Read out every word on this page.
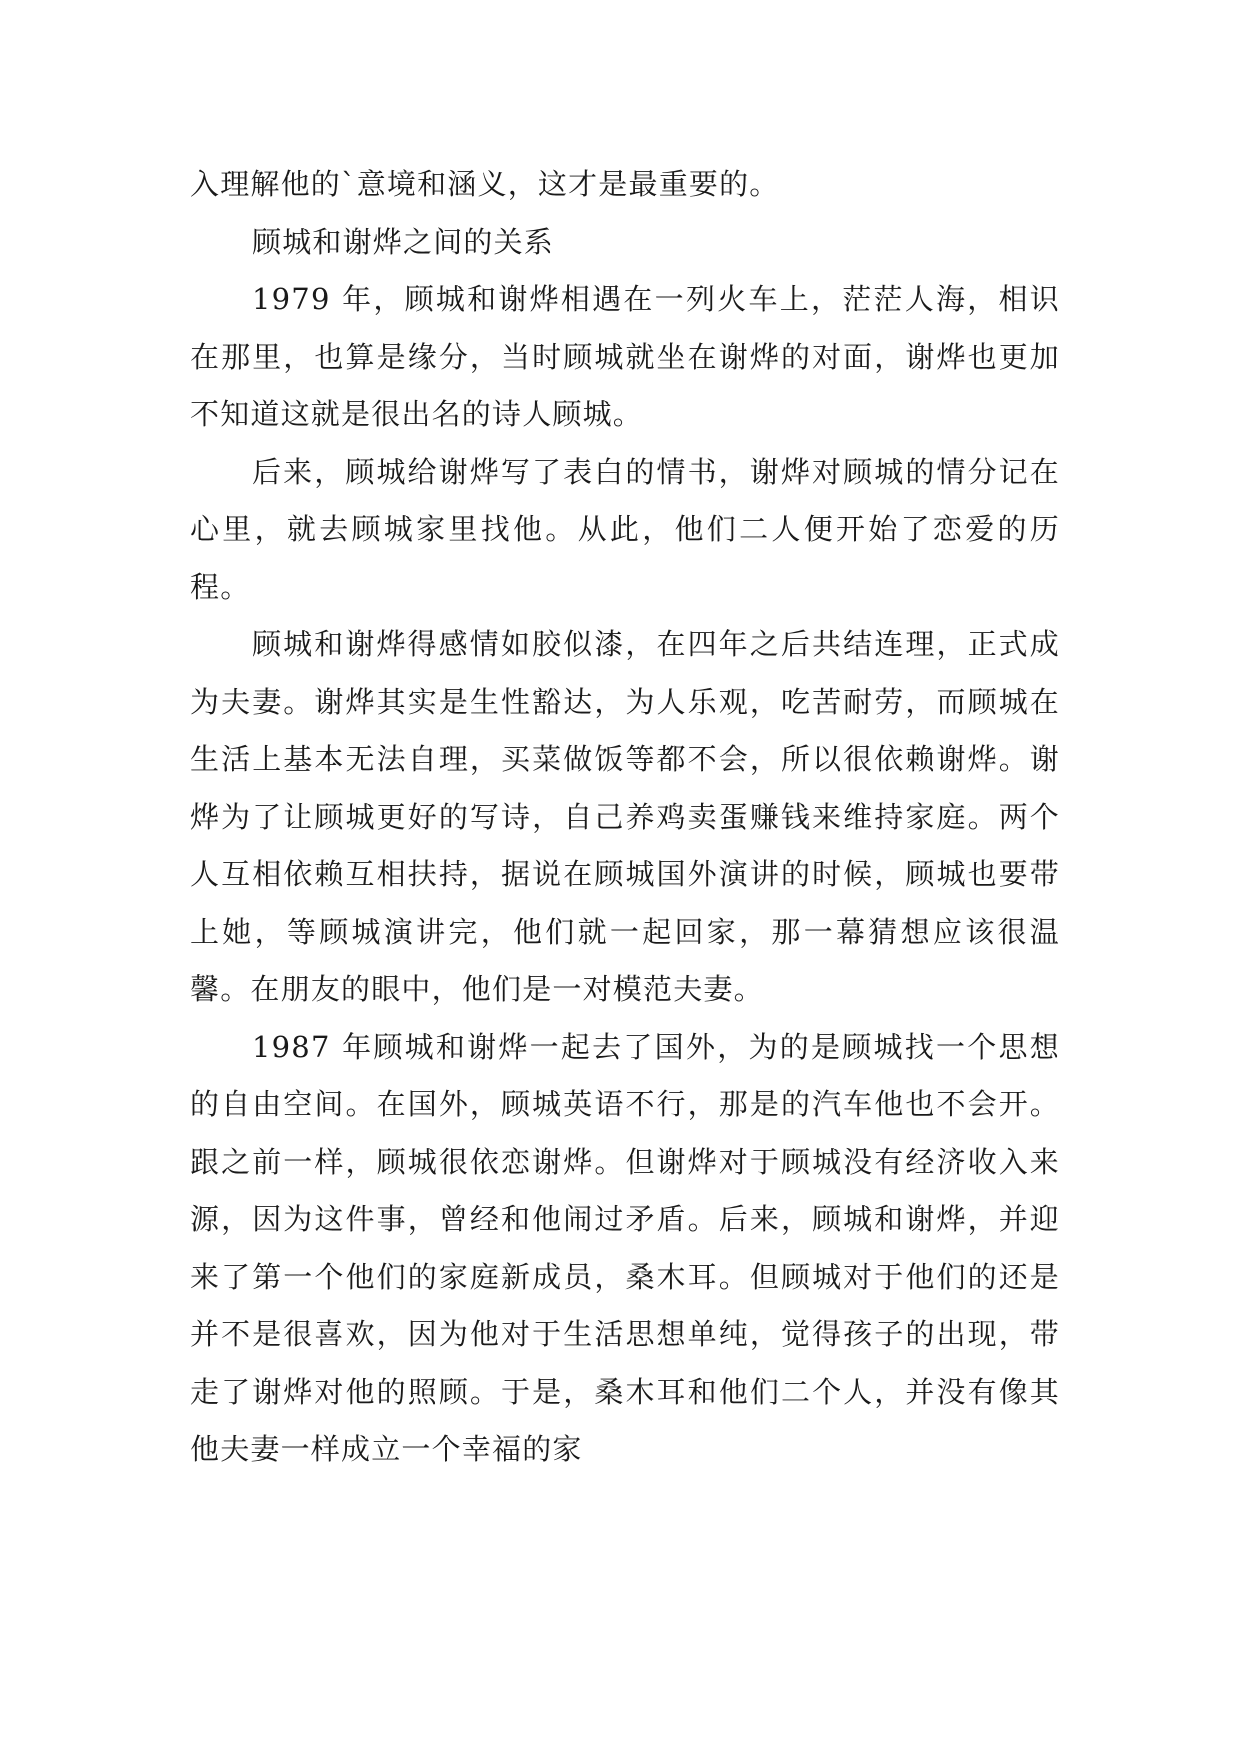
入理解他的`意境和涵义，这才是最重要的。

顾城和谢烨之间的关系

1979 年，顾城和谢烨相遇在一列火车上，茫茫人海，相识在那里，也算是缘分，当时顾城就坐在谢烨的对面，谢烨也更加不知道这就是很出名的诗人顾城。

后来，顾城给谢烨写了表白的情书，谢烨对顾城的情分记在心里，就去顾城家里找他。从此，他们二人便开始了恋爱的历程。

顾城和谢烨得感情如胶似漆，在四年之后共结连理，正式成为夫妻。谢烨其实是生性豁达，为人乐观，吃苦耐劳，而顾城在生活上基本无法自理，买菜做饭等都不会，所以很依赖谢烨。谢烨为了让顾城更好的写诗，自己养鸡卖蛋赚钱来维持家庭。两个人互相依赖互相扶持，据说在顾城国外演讲的时候，顾城也要带上她，等顾城演讲完，他们就一起回家，那一幕猜想应该很温馨。在朋友的眼中，他们是一对模范夫妻。

1987 年顾城和谢烨一起去了国外，为的是顾城找一个思想的自由空间。在国外，顾城英语不行，那是的汽车他也不会开。跟之前一样，顾城很依恋谢烨。但谢烨对于顾城没有经济收入来源，因为这件事，曾经和他闹过矛盾。后来，顾城和谢烨，并迎来了第一个他们的家庭新成员，桑木耳。但顾城对于他们的还是并不是很喜欢，因为他对于生活思想单纯，觉得孩子的出现，带走了谢烨对他的照顾。于是，桑木耳和他们二个人，并没有像其他夫妻一样成立一个幸福的家
